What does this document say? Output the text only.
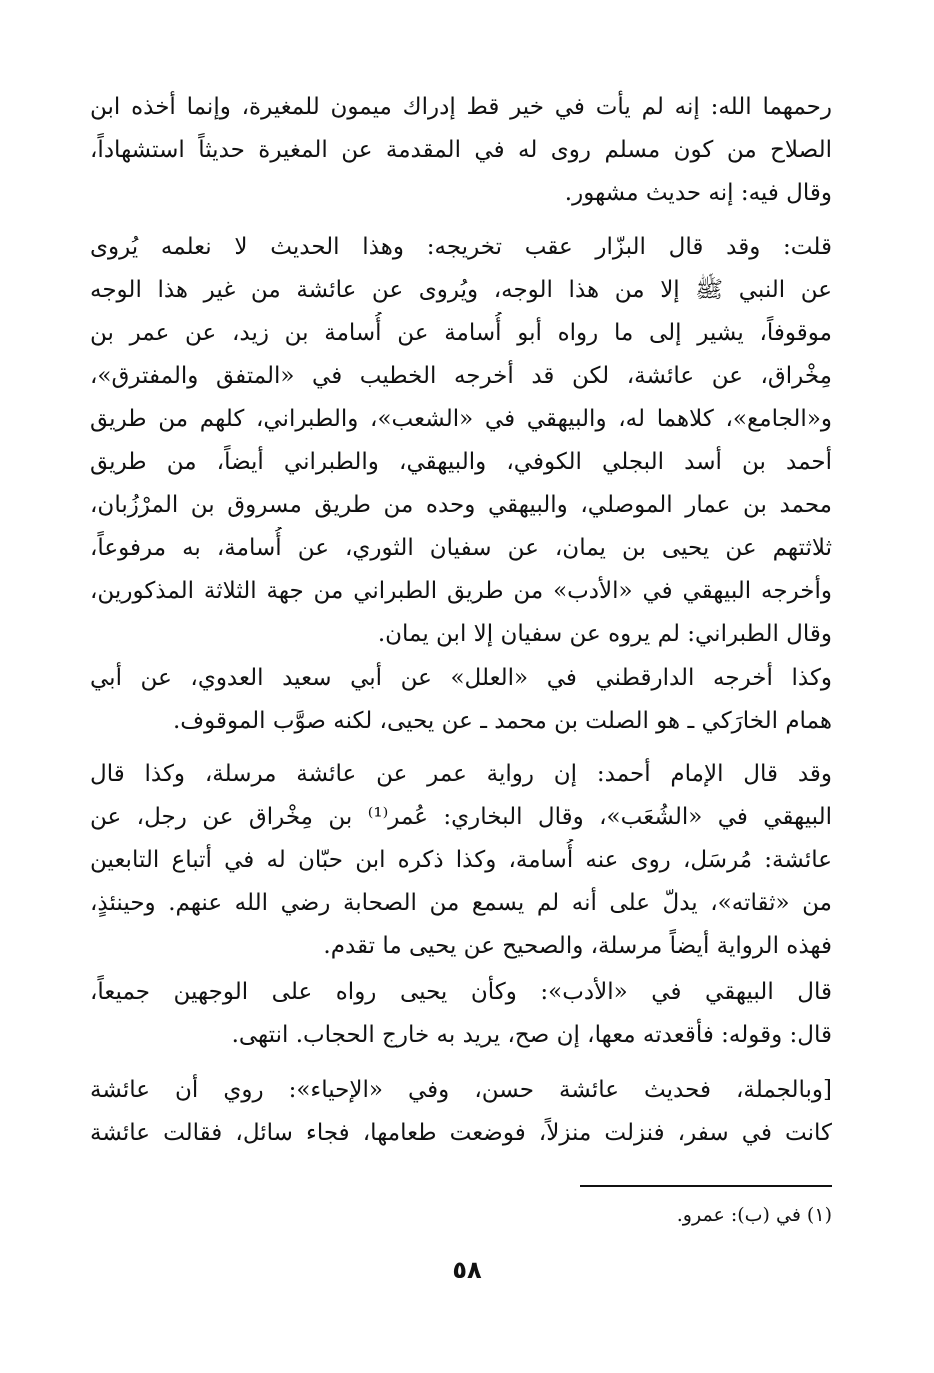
رحمهما الله: إنه لم يأت في خير قط إدراك ميمون للمغيرة، وإنما أخذه ابن
الصلاح من كون مسلم روى له في المقدمة عن المغيرة حديثاً استشهاداً،
وقال فيه: إنه حديث مشهور.
قلت: وقد قال البزّار عقب تخريجه: وهذا الحديث لا نعلمه يُروى
عن النبي ﷺ إلا من هذا الوجه، ويُروى عن عائشة من غير هذا الوجه
موقوفاً، يشير إلى ما رواه أبو أُسامة عن أُسامة بن زيد، عن عمر بن
مِخْراق، عن عائشة، لكن قد أخرجه الخطيب في «المتفق والمفترق»،
و«الجامع»، كلاهما له، والبيهقي في «الشعب»، والطبراني، كلهم من طريق
أحمد بن أسد البجلي الكوفي، والبيهقي، والطبراني أيضاً، من طريق
محمد بن عمار الموصلي، والبيهقي وحده من طريق مسروق بن المرْزُبان،
ثلاثتهم عن يحيى بن يمان، عن سفيان الثوري، عن أُسامة، به مرفوعاً،
وأخرجه البيهقي في «الأدب» من طريق الطبراني من جهة الثلاثة المذكورين،
وقال الطبراني: لم يروه عن سفيان إلا ابن يمان.
وكذا أخرجه الدارقطني في «العلل» عن أبي سعيد العدوي، عن أبي
همام الخارَكي ـ هو الصلت بن محمد ـ عن يحيى، لكنه صوَّب الموقوف.
وقد قال الإمام أحمد: إن رواية عمر عن عائشة مرسلة، وكذا قال
البيهقي في «الشُعَب»، وقال البخاري: عُمر⁽¹⁾ بن مِخْراق عن رجل، عن
عائشة: مُرسَل، روى عنه أُسامة، وكذا ذكره ابن حبّان له في أتباع التابعين
من «ثقاته»، يدلّ على أنه لم يسمع من الصحابة رضي الله عنهم. وحينئذٍ،
فهذه الرواية أيضاً مرسلة، والصحيح عن يحيى ما تقدم.
قال البيهقي في «الأدب»: وكأن يحيى رواه على الوجهين جميعاً،
قال: وقوله: فأقعدته معها، إن صح، يريد به خارج الحجاب. انتهى.
[وبالجملة، فحديث عائشة حسن، وفي «الإحياء»: روي أن عائشة
كانت في سفر، فنزلت منزلاً، فوضعت طعامها، فجاء سائل، فقالت عائشة
(١) في (ب): عمرو.
٥٨
